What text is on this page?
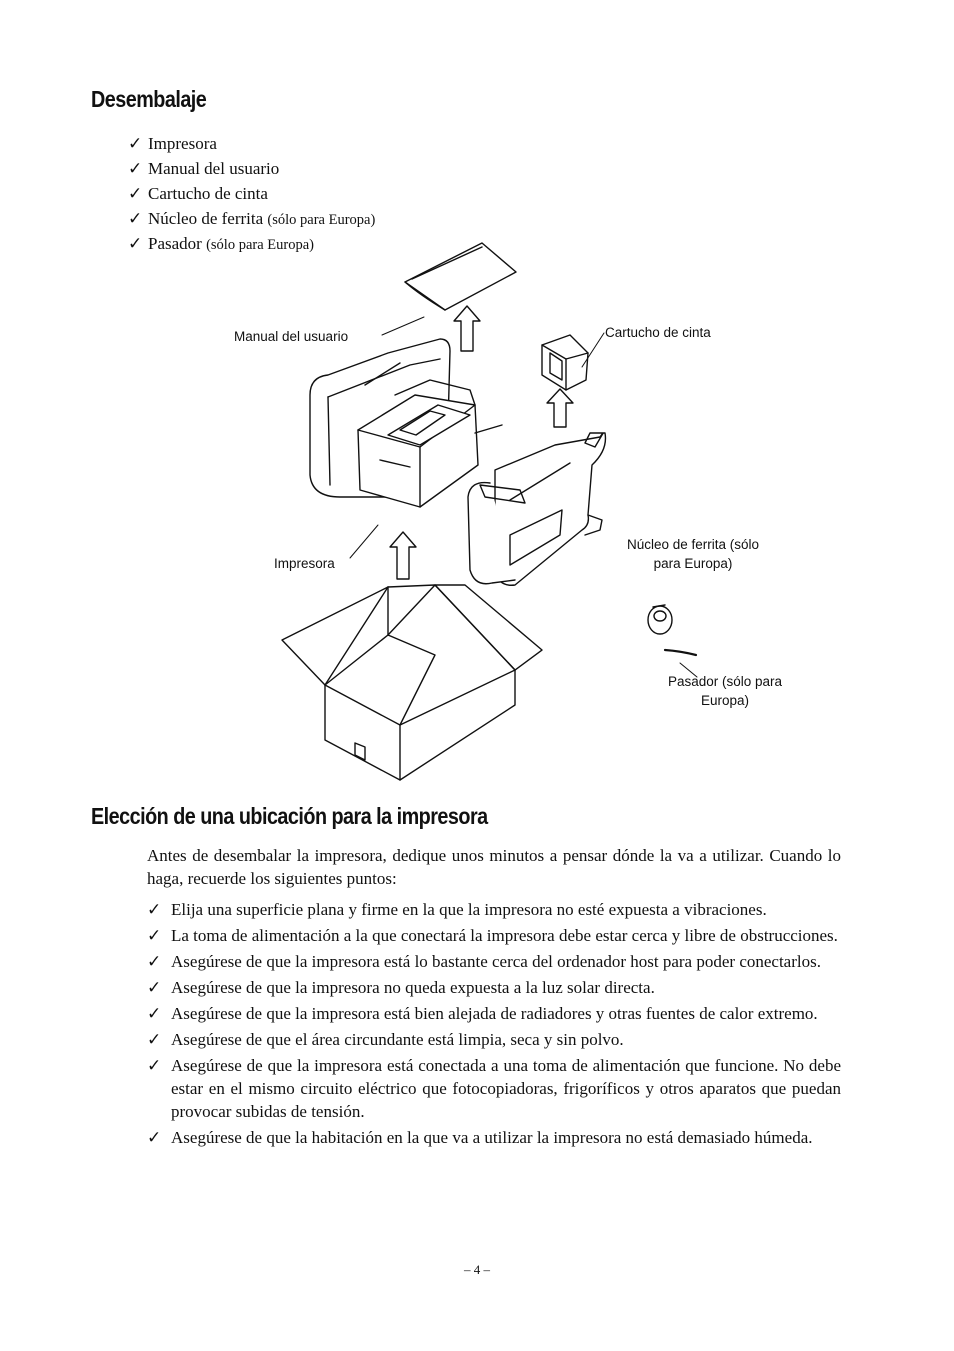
Desembalaje
✓ Impresora
✓ Manual del usuario
✓ Cartucho de cinta
✓ Núcleo de ferrita (sólo para Europa)
✓ Pasador (sólo para Europa)
Manual del usuario	Cartucho de cinta
Impresora
Núcleo de ferrita (sólo
para Europa)
Pasador (sólo para
Europa)
Elección de una ubicación para la impresora

Antes de desembalar la impresora, dedique unos minutos a pensar dónde la va a utilizar. Cuando lo haga, recuerde los siguientes puntos:

✓ Elija una superficie plana y firme en la que la impresora no esté expuesta a vibraciones.
✓ La toma de alimentación a la que conectará la impresora debe estar cerca y libre de obstrucciones.
✓ Asegúrese de que la impresora está lo bastante cerca del ordenador host para poder conectarlos.
✓ Asegúrese de que la impresora no queda expuesta a la luz solar directa.
✓ Asegúrese de que la impresora está bien alejada de radiadores y otras fuentes de calor extremo.
✓ Asegúrese de que el área circundante está limpia, seca y sin polvo.
✓ Asegúrese de que la impresora está conectada a una toma de alimentación que funcione. No debe estar en el mismo circuito eléctrico que fotocopiadoras, frigoríficos y otros aparatos que puedan provocar subidas de tensión.
✓ Asegúrese de que la habitación en la que va a utilizar la impresora no está demasiado húmeda.
– 4 –
